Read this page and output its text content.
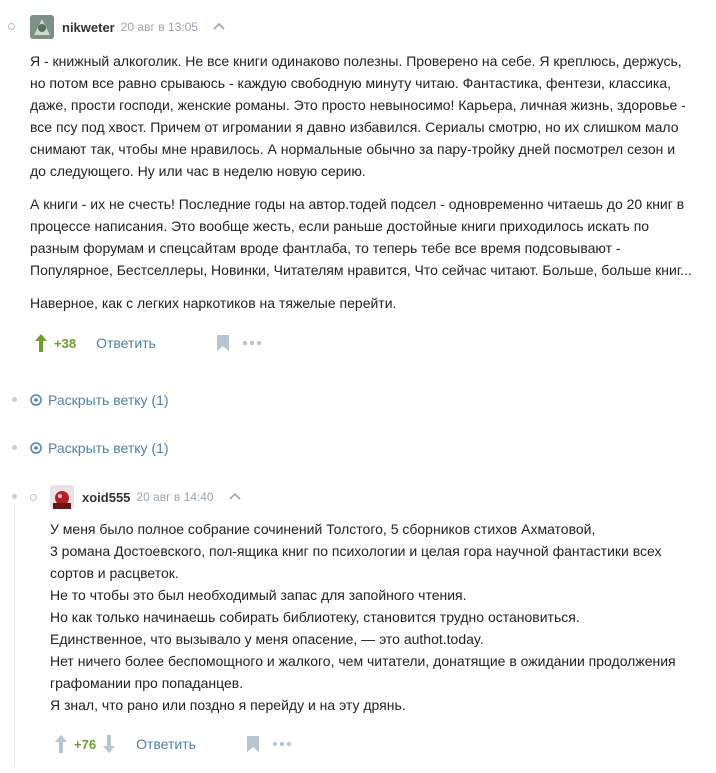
nikweter 20 авг в 13:05

Я - книжный алкоголик. Не все книги одинаково полезны. Проверено на себе. Я креплюсь, держусь,
но потом все равно срываюсь - каждую свободную минуту читаю. Фантастика, фентези, классика,
даже, прости господи, женские романы. Это просто невыносимо! Карьера, личная жизнь, здоровье -
все псу под хвост. Причем от игромании я давно избавился. Сериалы смотрю, но их слишком мало
снимают так, чтобы мне нравилось. А нормальные обычно за пару-тройку дней посмотрел сезон и
до следующего. Ну или час в неделю новую серию.

А книги - их не счесть! Последние годы на автор.тодей подсел - одновременно читаешь до 20 книг в
процессе написания. Это вообще жесть, если раньше достойные книги приходилось искать по
разным форумам и спецсайтам вроде фантлаба, то теперь тебе все время подсовывают -
Популярное, Бестселлеры, Новинки, Читателям нравится, Что сейчас читают. Больше, больше книг...

Наверное, как с легких наркотиков на тяжелые перейти.

+38 Ответить
Раскрыть ветку (1)
Раскрыть ветку (1)
xoid555 20 авг в 14:40
У меня было полное собрание сочинений Толстого, 5 сборников стихов Ахматовой,
3 романа Достоевского, пол-ящика книг по психологии и целая гора научной фантастики всех
сортов и расцветок.
Не то чтобы это был необходимый запас для запойного чтения.
Но как только начинаешь собирать библиотеку, становится трудно остановиться.
Единственное, что вызывало у меня опасение, — это authot.today.
Нет ничего более беспомощного и жалкого, чем читатели, донатящие в ожидании продолжения
графомании про попаданцев.
Я знал, что рано или поздно я перейду и на эту дрянь.
+76	Ответить
